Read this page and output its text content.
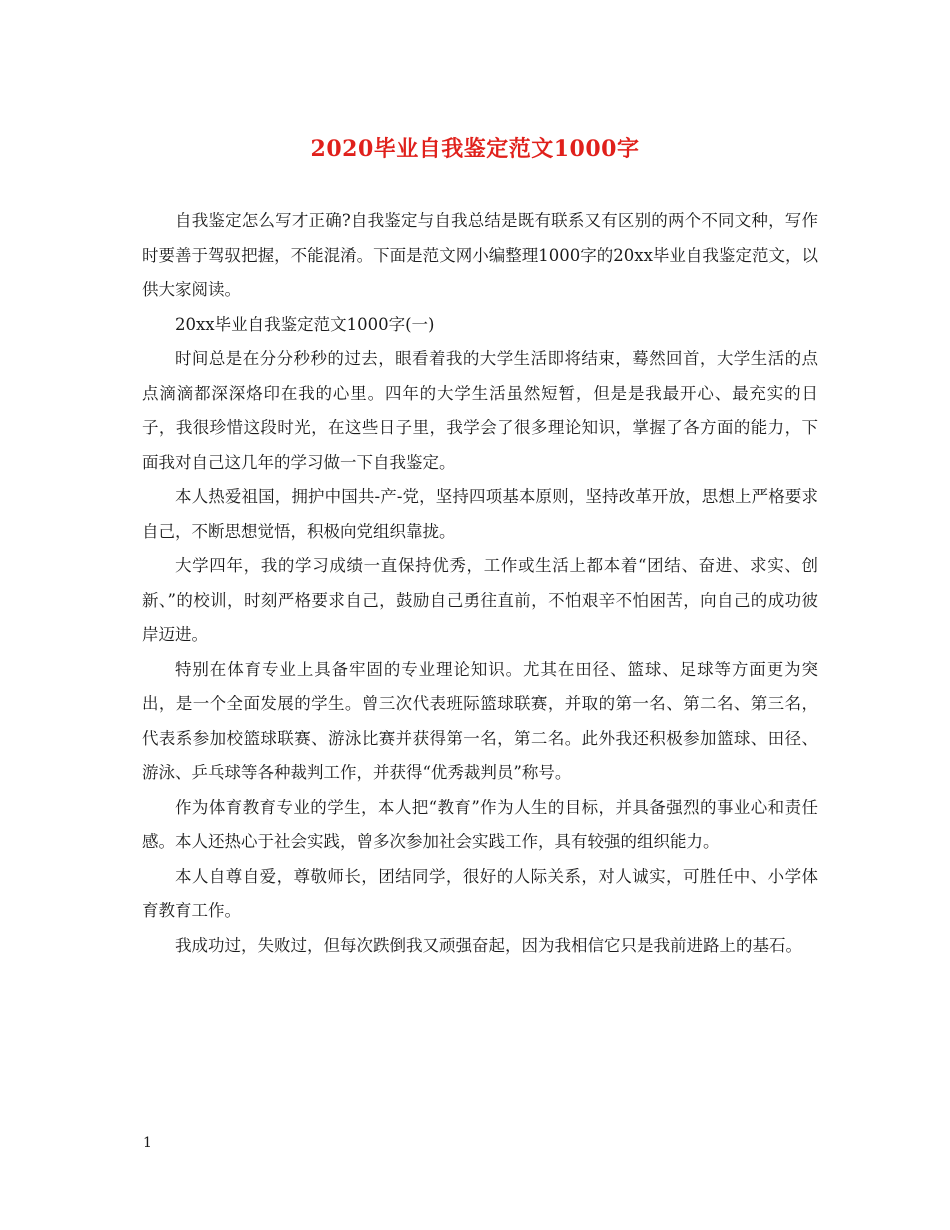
2020毕业自我鉴定范文1000字

自我鉴定怎么写才正确?自我鉴定与自我总结是既有联系又有区别的两个不同文种，写作时要善于驾驭把握，不能混淆。下面是范文网小编整理1000字的20xx毕业自我鉴定范文，以供大家阅读。

20xx毕业自我鉴定范文1000字(一)

时间总是在分分秒秒的过去，眼看着我的大学生活即将结束，蓦然回首，大学生活的点点滴滴都深深烙印在我的心里。四年的大学生活虽然短暂，但是是我最开心、最充实的日子，我很珍惜这段时光，在这些日子里，我学会了很多理论知识，掌握了各方面的能力，下面我对自己这几年的学习做一下自我鉴定。

本人热爱祖国，拥护中国共-产-党，坚持四项基本原则，坚持改革开放，思想上严格要求自己，不断思想觉悟，积极向党组织靠拢。

大学四年，我的学习成绩一直保持优秀，工作或生活上都本着“团结、奋进、求实、创新、”的校训，时刻严格要求自己，鼓励自己勇往直前，不怕艰辛不怕困苦，向自己的成功彼岸迈进。

特别在体育专业上具备牢固的专业理论知识。尤其在田径、篮球、足球等方面更为突出，是一个全面发展的学生。曾三次代表班际篮球联赛，并取的第一名、第二名、第三名，代表系参加校篮球联赛、游泳比赛并获得第一名，第二名。此外我还积极参加篮球、田径、游泳、乒乓球等各种裁判工作，并获得“优秀裁判员”称号。

作为体育教育专业的学生，本人把“教育”作为人生的目标，并具备强烈的事业心和责任感。本人还热心于社会实践，曾多次参加社会实践工作，具有较强的组织能力。

本人自尊自爱，尊敬师长，团结同学，很好的人际关系，对人诚实，可胜任中、小学体育教育工作。

我成功过，失败过，但每次跌倒我又顽强奋起，因为我相信它只是我前进路上的基石。

1
